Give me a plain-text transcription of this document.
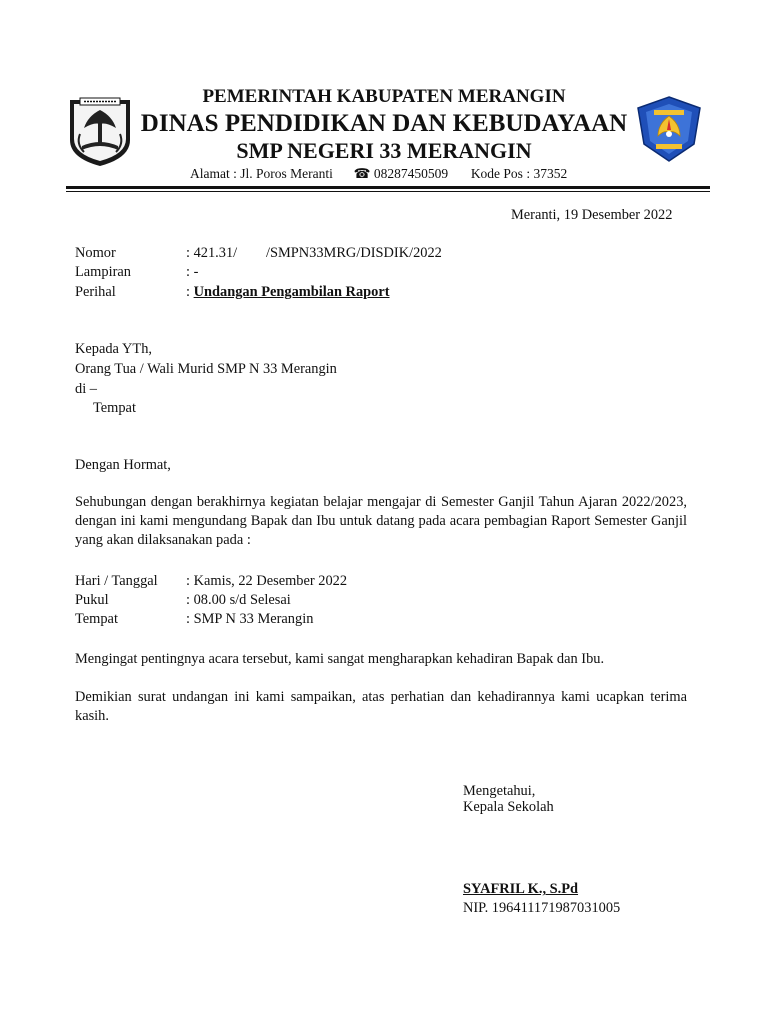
PEMERINTAH KABUPATEN MERANGIN
DINAS PENDIDIKAN DAN KEBUDAYAAN
SMP NEGERI 33 MERANGIN
Alamat : Jl. Poros Meranti ☎ 08287450509 Kode Pos : 37352
Meranti, 19 Desember 2022
Nomor	: 421.31/        /SMPN33MRG/DISDIK/2022
Lampiran	: -
Perihal	: Undangan Pengambilan Raport
Kepada YTh,
Orang Tua / Wali Murid SMP N 33 Merangin
di –
Tempat
Dengan Hormat,
Sehubungan dengan berakhirnya kegiatan belajar mengajar di Semester Ganjil Tahun Ajaran 2022/2023, dengan ini kami mengundang Bapak dan Ibu untuk datang pada acara pembagian Raport Semester Ganjil yang akan dilaksanakan pada :
Hari / Tanggal : Kamis, 22 Desember 2022
Pukul	: 08.00 s/d Selesai
Tempat	: SMP N 33 Merangin
Mengingat pentingnya acara tersebut, kami sangat mengharapkan kehadiran Bapak dan Ibu.
Demikian surat undangan ini kami sampaikan, atas perhatian dan kehadirannya kami ucapkan terima kasih.
Mengetahui,
Kepala Sekolah
SYAFRIL K., S.Pd
NIP. 196411171987031005
